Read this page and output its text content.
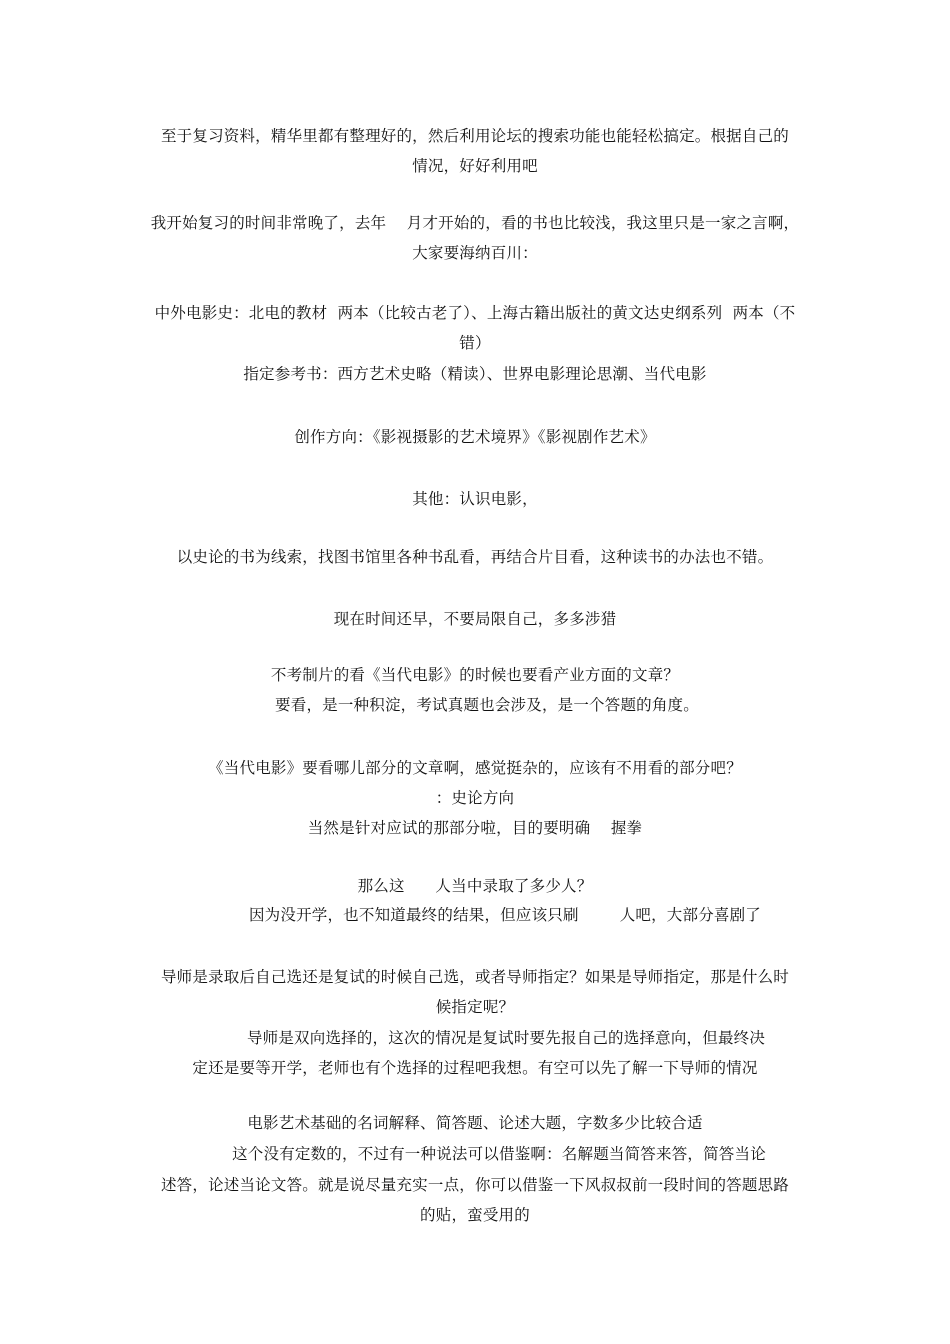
至于复习资料，精华里都有整理好的，然后利用论坛的搜索功能也能轻松搞定。根据自己的
情况，好好利用吧
我开始复习的时间非常晚了，去年    月才开始的，看的书也比较浅，我这里只是一家之言啊，
大家要海纳百川：
中外电影史：北电的教材  两本（比较古老了）、上海古籍出版社的黄文达史纲系列  两本（不
错）
指定参考书：西方艺术史略（精读）、世界电影理论思潮、当代电影
创作方向：《影视摄影的艺术境界》《影视剧作艺术》
其他：认识电影，
以史论的书为线索，找图书馆里各种书乱看，再结合片目看，这种读书的办法也不错。
现在时间还早，不要局限自己，多多涉猎
不考制片的看《当代电影》的时候也要看产业方面的文章？
要看，是一种积淀，考试真题也会涉及，是一个答题的角度。
《当代电影》要看哪儿部分的文章啊，感觉挺杂的，应该有不用看的部分吧？
：史论方向
当然是针对应试的那部分啦，目的要明确    握拳
那么这      人当中录取了多少人？
因为没开学，也不知道最终的结果，但应该只刷        人吧，大部分喜剧了
导师是录取后自己选还是复试的时候自己选，或者导师指定？如果是导师指定，那是什么时
候指定呢？
导师是双向选择的，这次的情况是复试时要先报自己的选择意向，但最终决
定还是要等开学，老师也有个选择的过程吧我想。有空可以先了解一下导师的情况
电影艺术基础的名词解释、简答题、论述大题，字数多少比较合适
这个没有定数的，不过有一种说法可以借鉴啊：名解题当简答来答，简答当论
述答，论述当论文答。就是说尽量充实一点，你可以借鉴一下风叔叔前一段时间的答题思路
的贴，蛮受用的
